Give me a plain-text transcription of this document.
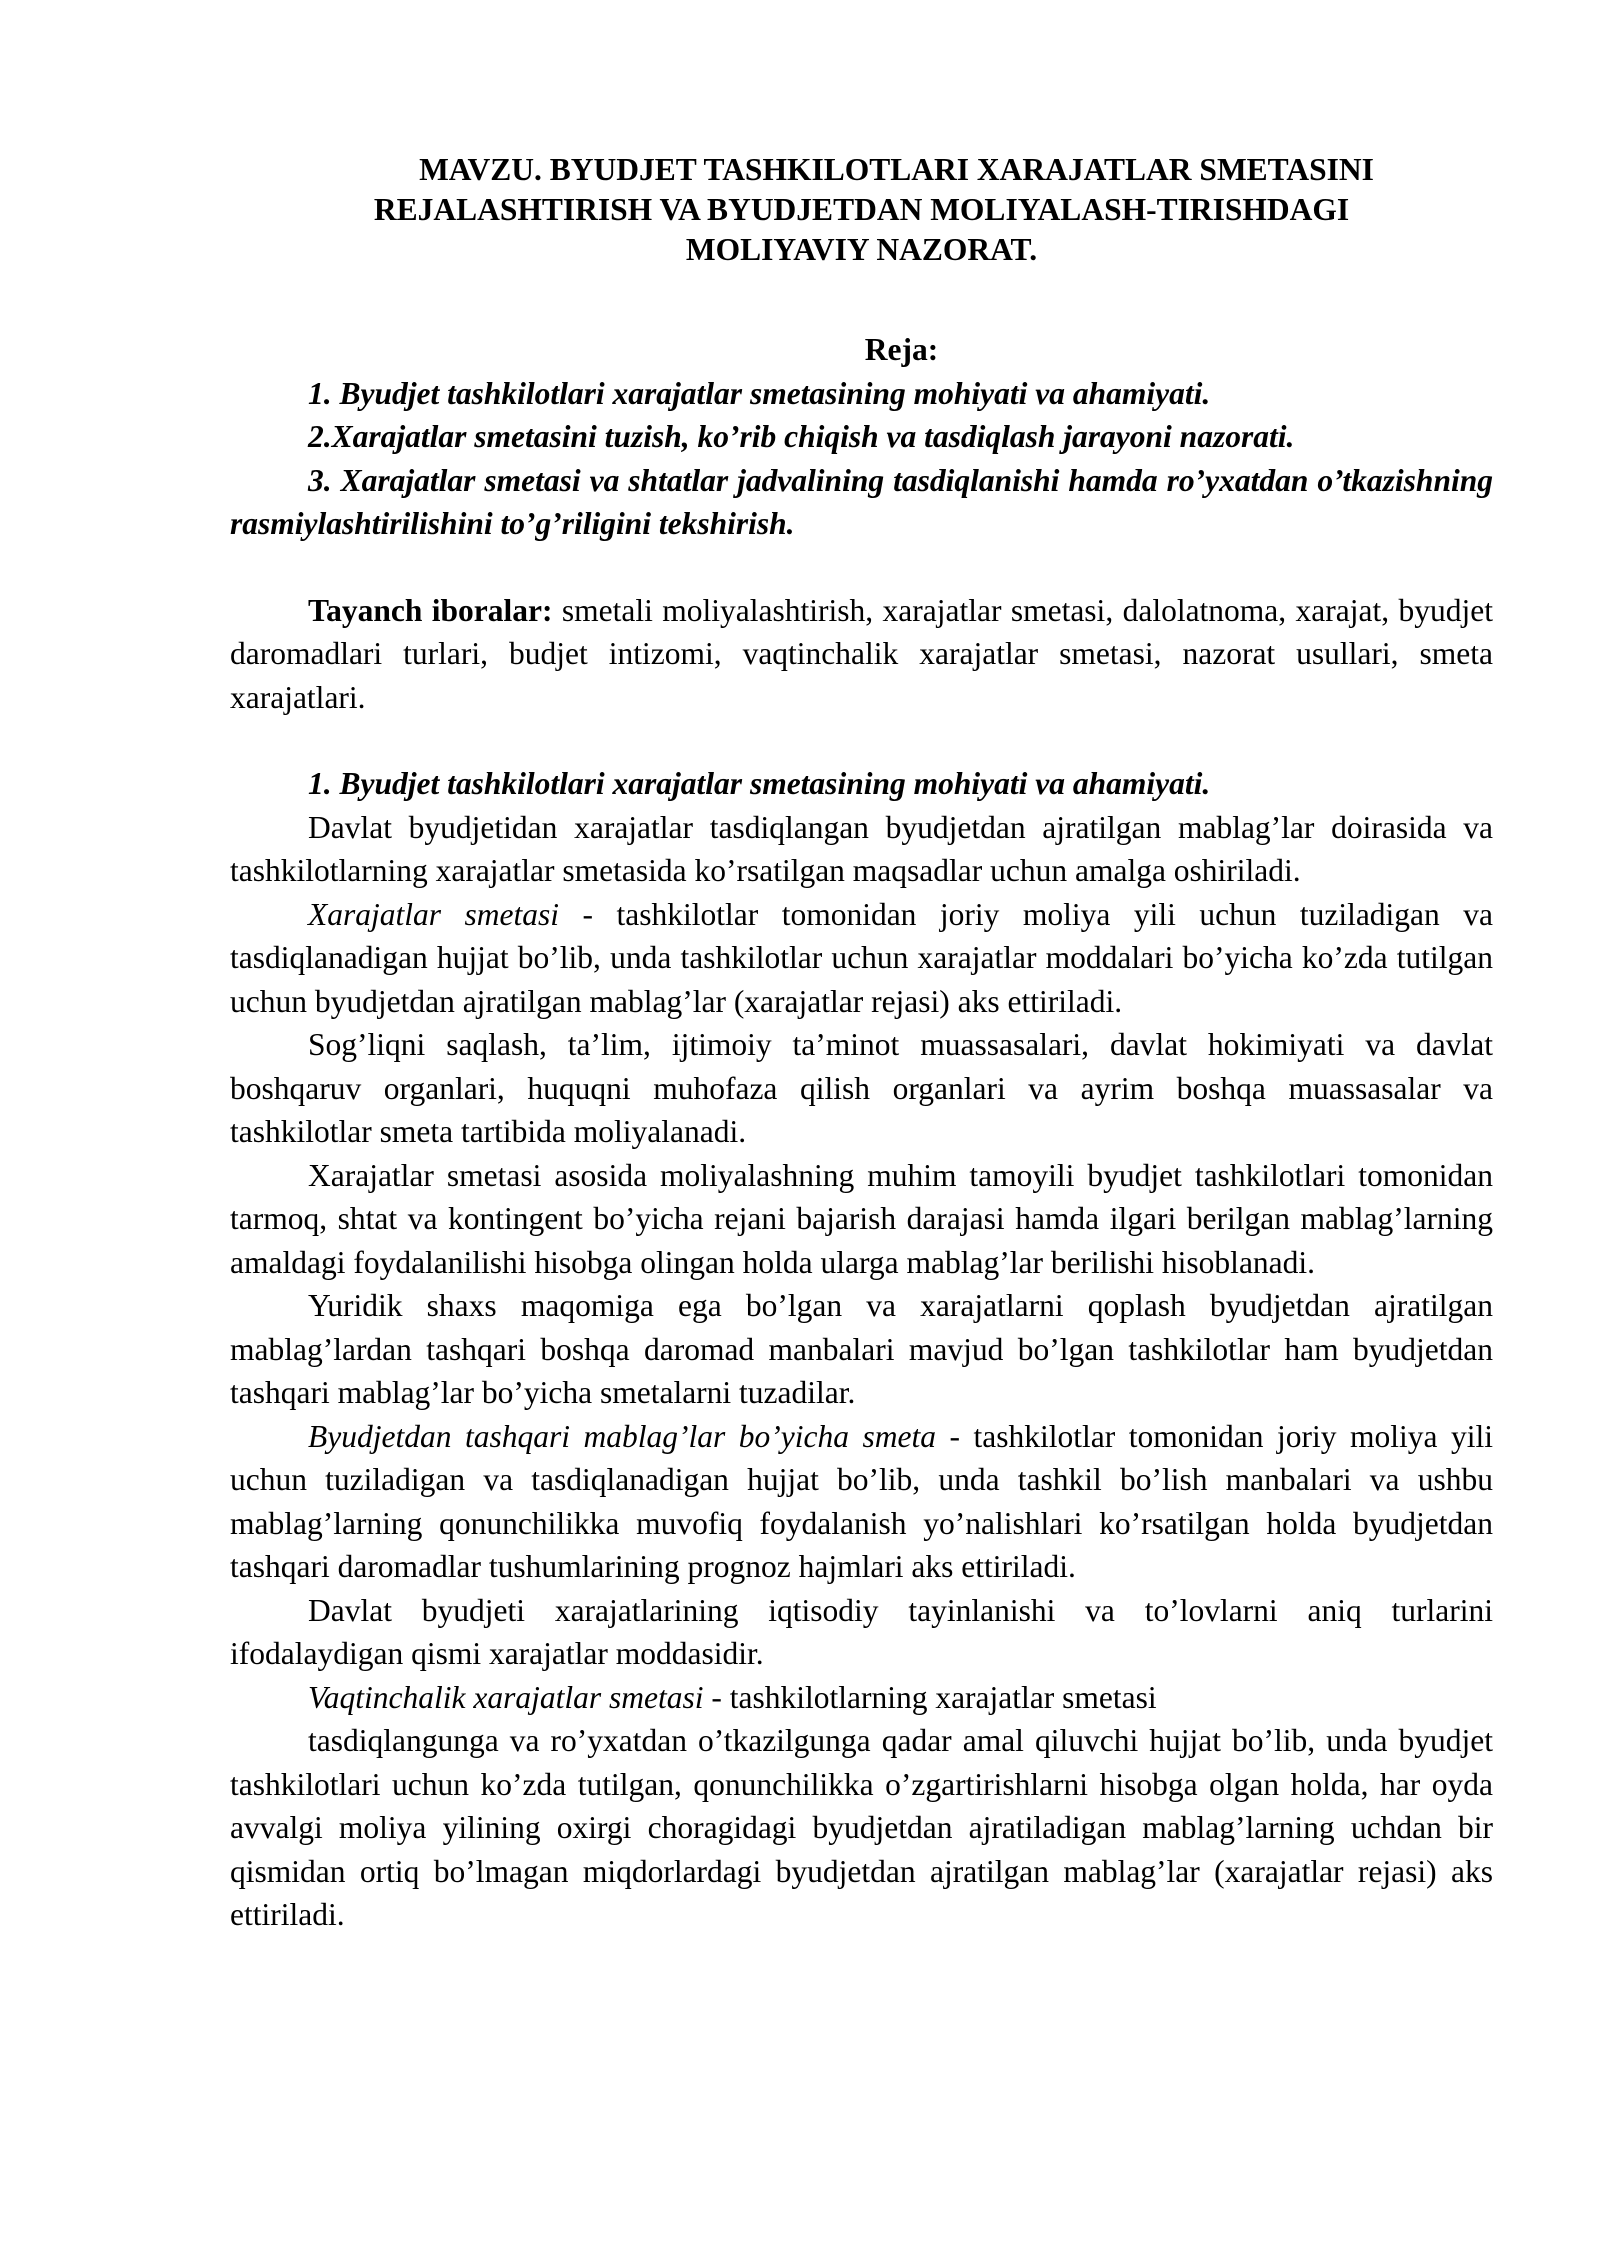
MAVZU. BYUDJET TASHKILOTLARI XARAJATLAR SMETASINI
REJALASHTIRISH VA BYUDJETDAN MOLIYALASH-TIRISHDAGI
MOLIYAVIY NAZORAT.

Reja:

1. Byudjet tashkilotlari xarajatlar smetasining mohiyati va ahamiyati.

2.Xarajatlar smetasini tuzish, ko’rib chiqish va tasdiqlash jarayoni nazorati.

3. Xarajatlar smetasi va shtatlar jadvalining tasdiqlanishi hamda ro’yxatdan o’tkazishning rasmiylashtirilishini to’g’riligini tekshirish.

Tayanch iboralar: smetali moliyalashtirish, xarajatlar smetasi, dalolatnoma, xarajat, byudjet daromadlari turlari, budjet intizomi, vaqtinchalik xarajatlar smetasi, nazorat usullari, smeta xarajatlari.

1. Byudjet tashkilotlari xarajatlar smetasining mohiyati va ahamiyati.

Davlat byudjetidan xarajatlar tasdiqlangan byudjetdan ajratilgan mablag’lar doirasida va tashkilotlarning xarajatlar smetasida ko’rsatilgan maqsadlar uchun amalga oshiriladi.

Xarajatlar smetasi - tashkilotlar tomonidan joriy moliya yili uchun tuziladigan va tasdiqlanadigan hujjat bo’lib, unda tashkilotlar uchun xarajatlar moddalari bo’yicha ko’zda tutilgan uchun byudjetdan ajratilgan mablag’lar (xarajatlar rejasi) aks ettiriladi.

Sog’liqni saqlash, ta’lim, ijtimoiy ta’minot muassasalari, davlat hokimiyati va davlat boshqaruv organlari, huquqni muhofaza qilish organlari va ayrim boshqa muassasalar va tashkilotlar smeta tartibida moliyalanadi.

Xarajatlar smetasi asosida moliyalashning muhim tamoyili byudjet tashkilotlari tomonidan tarmoq, shtat va kontingent bo’yicha rejani bajarish darajasi hamda ilgari berilgan mablag’larning amaldagi foydalanilishi hisobga olingan holda ularga mablag’lar berilishi hisoblanadi.

Yuridik shaxs maqomiga ega bo’lgan va xarajatlarni qoplash byudjetdan ajratilgan mablag’lardan tashqari boshqa daromad manbalari mavjud bo’lgan tashkilotlar ham byudjetdan tashqari mablag’lar bo’yicha smetalarni tuzadilar.

Byudjetdan tashqari mablag’lar bo’yicha smeta - tashkilotlar tomonidan joriy moliya yili uchun tuziladigan va tasdiqlanadigan hujjat bo’lib, unda tashkil bo’lish manbalari va ushbu mablag’larning qonunchilikka muvofiq foydalanish yo’nalishlari ko’rsatilgan holda byudjetdan tashqari daromadlar tushumlarining prognoz hajmlari aks ettiriladi.

Davlat byudjeti xarajatlarining iqtisodiy tayinlanishi va to’lovlarni aniq turlarini ifodalaydigan qismi xarajatlar moddasidir.

Vaqtinchalik xarajatlar smetasi - tashkilotlarning xarajatlar smetasi

tasdiqlangunga va ro’yxatdan o’tkazilgunga qadar amal qiluvchi hujjat bo’lib, unda byudjet tashkilotlari uchun ko’zda tutilgan, qonunchilikka o’zgartirishlarni hisobga olgan holda, har oyda avvalgi moliya yilining oxirgi choragidagi byudjetdan ajratiladigan mablag’larning uchdan bir qismidan ortiq bo’lmagan miqdorlardagi byudjetdan ajratilgan mablag’lar (xarajatlar rejasi) aks ettiriladi.
